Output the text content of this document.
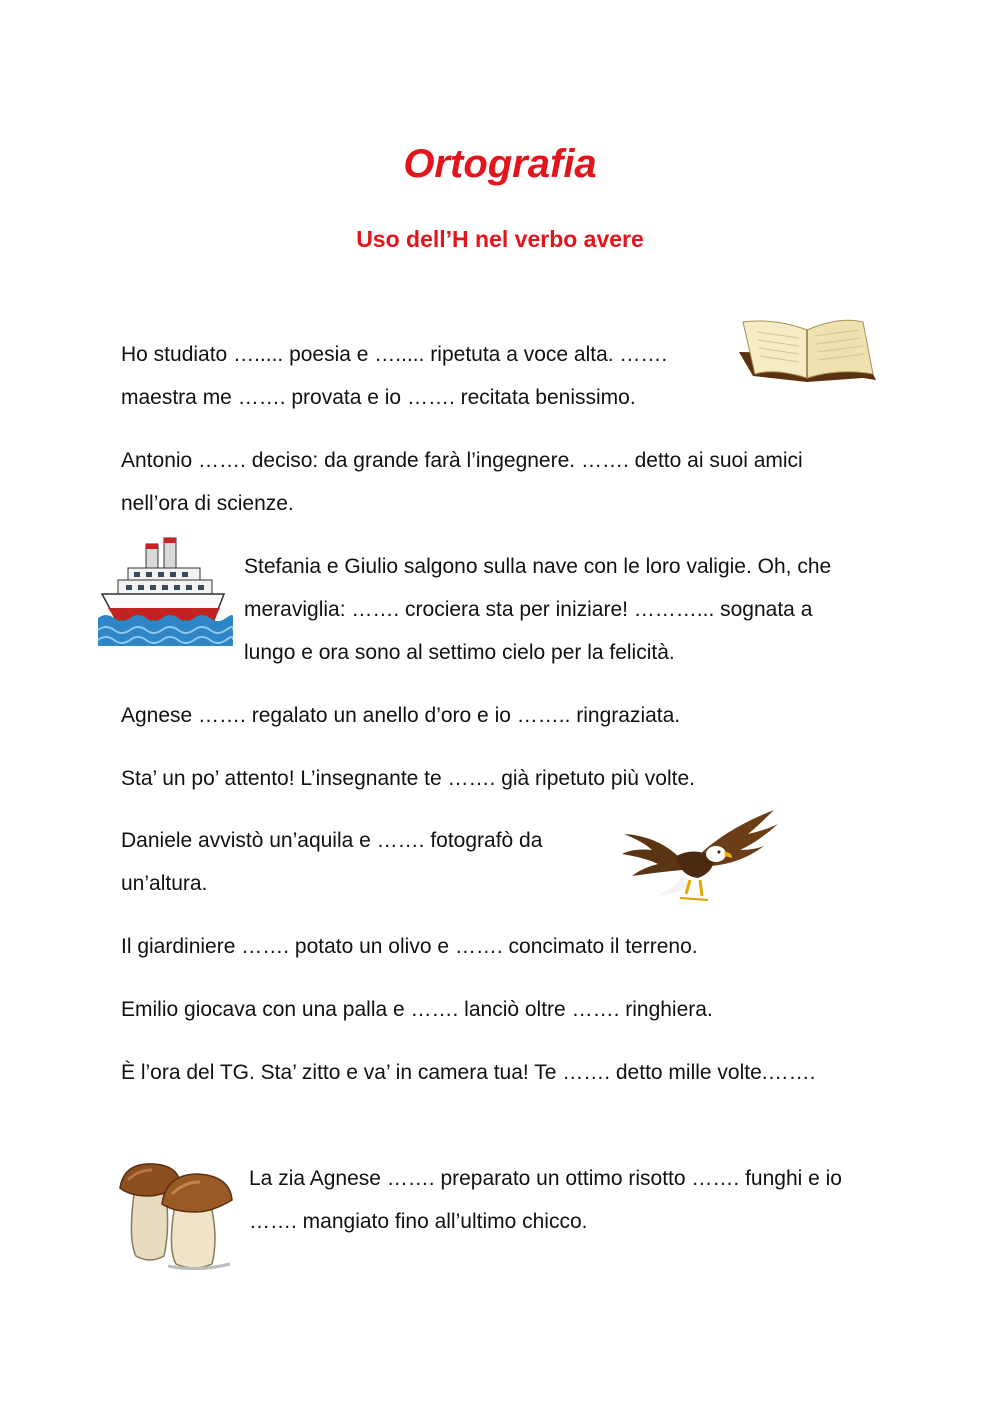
Ortografia
Uso dell’H nel verbo avere

Ho studiato …..... poesia e …..... ripetuta a voce alta. ……. maestra me ……. provata e io ……. recitata benissimo.

Antonio ……. deciso: da grande farà l’ingegnere. ……. detto ai suoi amici nell’ora di scienze.

Stefania e Giulio salgono sulla nave con le loro valigie. Oh, che meraviglia: ……. crociera sta per iniziare! ………... sognata a lungo e ora sono al settimo cielo per la felicità.

Agnese ……. regalato un anello d’oro e io …….. ringraziata.

Sta’ un po’ attento! L’insegnante te ……. già ripetuto più volte.

Daniele avvistò un’aquila e ……. fotografò da un’altura.

Il giardiniere ……. potato un olivo e ……. concimato il terreno.

Emilio giocava con una palla e ……. lanciò oltre ……. ringhiera.

È l’ora del TG. Sta’ zitto e va’ in camera tua! Te ……. detto mille volte.…….

La zia Agnese ……. preparato un ottimo risotto ……. funghi e io ……. mangiato fino all’ultimo chicco.
